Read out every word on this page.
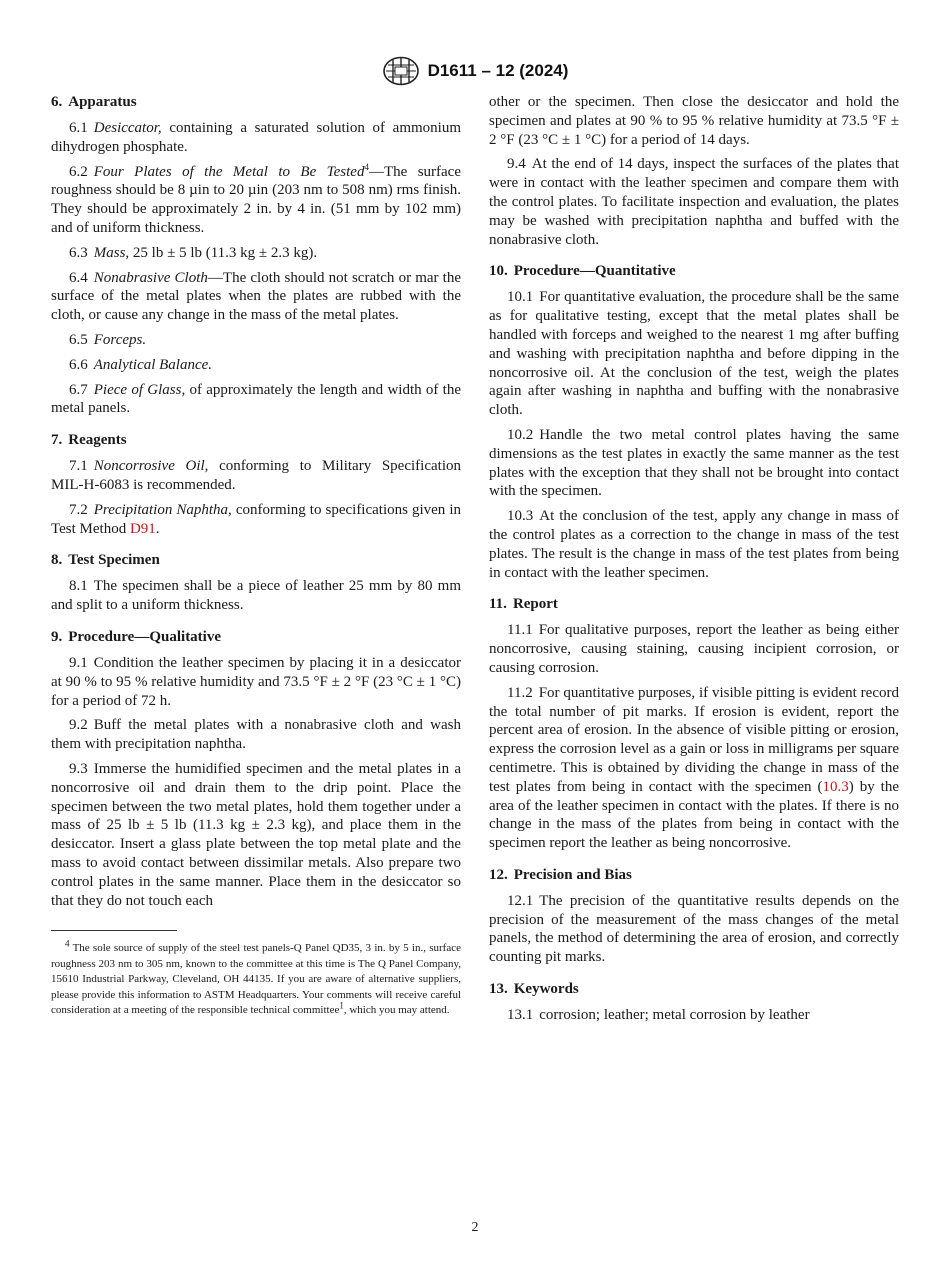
D1611 – 12 (2024)
6. Apparatus

6.1 Desiccator, containing a saturated solution of ammonium dihydrogen phosphate.

6.2 Four Plates of the Metal to Be Tested$^4$—The surface roughness should be 8 µin to 20 µin (203 nm to 508 nm) rms finish. They should be approximately 2 in. by 4 in. (51 mm by 102 mm) and of uniform thickness.

6.3 Mass, 25 lb ± 5 lb (11.3 kg ± 2.3 kg).

6.4 Nonabrasive Cloth—The cloth should not scratch or mar the surface of the metal plates when the plates are rubbed with the cloth, or cause any change in the mass of the metal plates.

6.5 Forceps.

6.6 Analytical Balance.

6.7 Piece of Glass, of approximately the length and width of the metal panels.

7. Reagents

7.1 Noncorrosive Oil, conforming to Military Specification MIL-H-6083 is recommended.

7.2 Precipitation Naphtha, conforming to specifications given in Test Method D91.

8. Test Specimen

8.1 The specimen shall be a piece of leather 25 mm by 80 mm and split to a uniform thickness.

9. Procedure—Qualitative

9.1 Condition the leather specimen by placing it in a desiccator at 90 % to 95 % relative humidity and 73.5 °F ± 2 °F (23 °C ± 1 °C) for a period of 72 h.

9.2 Buff the metal plates with a nonabrasive cloth and wash them with precipitation naphtha.

9.3 Immerse the humidified specimen and the metal plates in a noncorrosive oil and drain them to the drip point. Place the specimen between the two metal plates, hold them together under a mass of 25 lb ± 5 lb (11.3 kg ± 2.3 kg), and place them in the desiccator. Insert a glass plate between the top metal plate and the mass to avoid contact between dissimilar metals. Also prepare two control plates in the same manner. Place them in the desiccator so that they do not touch each

$^4$ The sole source of supply of the steel test panels-Q Panel QD35, 3 in. by 5 in., surface roughness 203 nm to 305 nm, known to the committee at this time is The Q Panel Company, 15610 Industrial Parkway, Cleveland, OH 44135. If you are aware of alternative suppliers, please provide this information to ASTM Headquarters. Your comments will receive careful consideration at a meeting of the responsible technical committee$^1$, which you may attend.

other or the specimen. Then close the desiccator and hold the specimen and plates at 90 % to 95 % relative humidity at 73.5 °F ± 2 °F (23 °C ± 1 °C) for a period of 14 days.

9.4 At the end of 14 days, inspect the surfaces of the plates that were in contact with the leather specimen and compare them with the control plates. To facilitate inspection and evaluation, the plates may be washed with precipitation naphtha and buffed with the nonabrasive cloth.

10. Procedure—Quantitative

10.1 For quantitative evaluation, the procedure shall be the same as for qualitative testing, except that the metal plates shall be handled with forceps and weighed to the nearest 1 mg after buffing and washing with precipitation naphtha and before dipping in the noncorrosive oil. At the conclusion of the test, weigh the plates again after washing in naphtha and buffing with the nonabrasive cloth.

10.2 Handle the two metal control plates having the same dimensions as the test plates in exactly the same manner as the test plates with the exception that they shall not be brought into contact with the specimen.

10.3 At the conclusion of the test, apply any change in mass of the control plates as a correction to the change in mass of the test plates. The result is the change in mass of the test plates from being in contact with the leather specimen.

11. Report

11.1 For qualitative purposes, report the leather as being either noncorrosive, causing staining, causing incipient corrosion, or causing corrosion.

11.2 For quantitative purposes, if visible pitting is evident record the total number of pit marks. If erosion is evident, report the percent area of erosion. In the absence of visible pitting or erosion, express the corrosion level as a gain or loss in milligrams per square centimetre. This is obtained by dividing the change in mass of the test plates from being in contact with the specimen (10.3) by the area of the leather specimen in contact with the plates. If there is no change in the mass of the plates from being in contact with the specimen report the leather as being noncorrosive.

12. Precision and Bias

12.1 The precision of the quantitative results depends on the precision of the measurement of the mass changes of the metal panels, the method of determining the area of erosion, and correctly counting pit marks.

13. Keywords

13.1 corrosion; leather; metal corrosion by leather

2
